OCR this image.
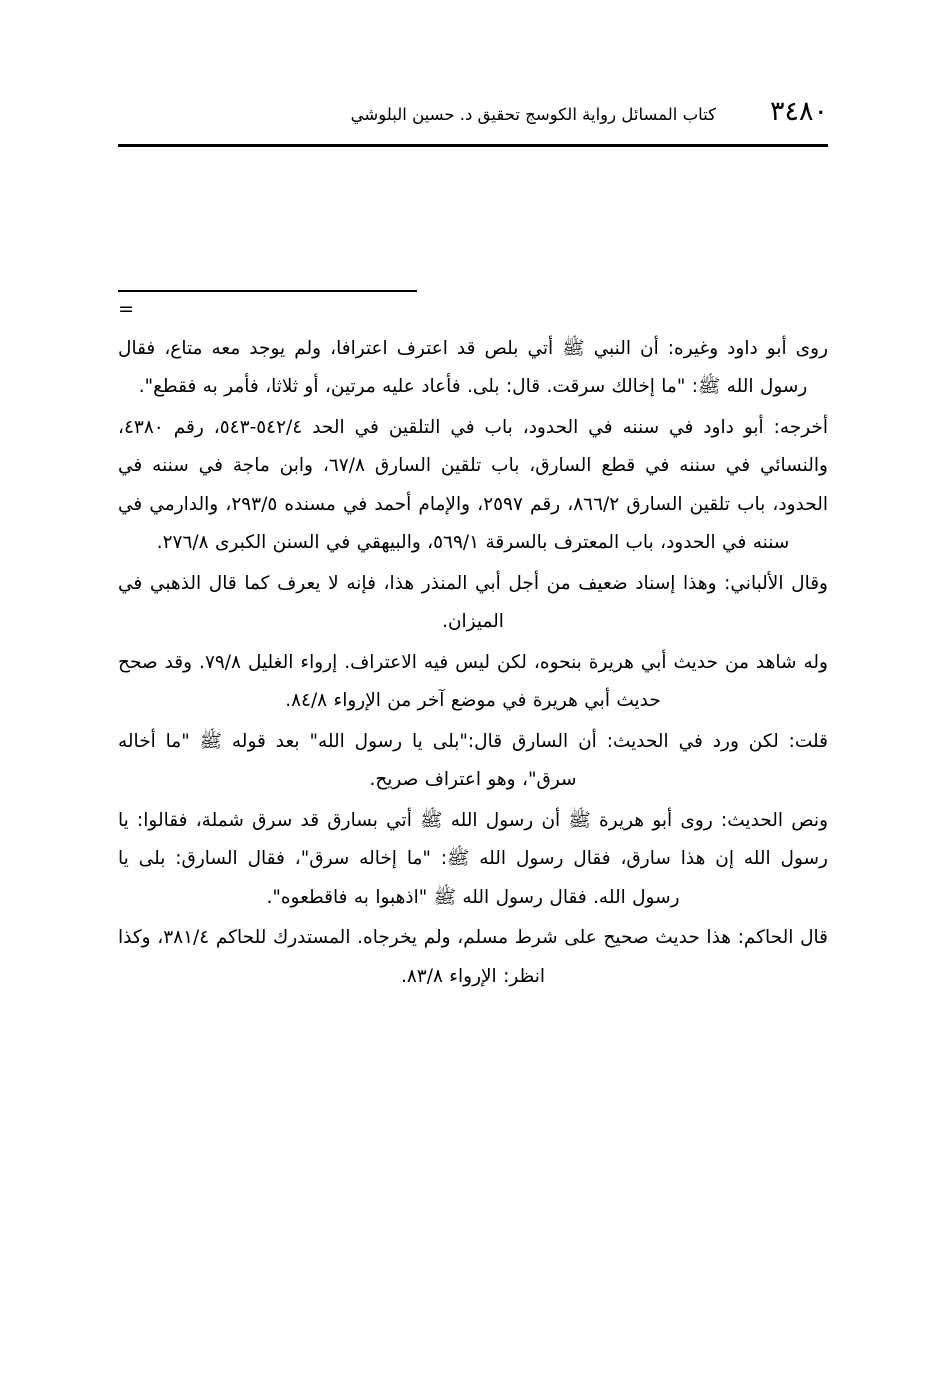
٣٤٨٠
كتاب المسائل رواية الكوسج تحقيق د. حسين البلوشي
=

روى أبو داود وغيره: أن النبي ﷺ أتي بلص قد اعترف اعترافا، ولم يوجد معه متاع، فقال رسول الله ﷺ: "ما إخالك سرقت. قال: بلى. فأعاد عليه مرتين، أو ثلاثا، فأمر به فقطع".

أخرجه: أبو داود في سننه في الحدود، باب في التلقين في الحد ٥٤٢/٤-٥٤٣، رقم ٤٣٨٠، والنسائي في سننه في قطع السارق، باب تلقين السارق ٦٧/٨، وابن ماجة في سننه في الحدود، باب تلقين السارق ٨٦٦/٢، رقم ٢٥٩٧، والإمام أحمد في مسنده ٢٩٣/٥، والدارمي في سننه في الحدود، باب المعترف بالسرقة ٥٦٩/١، والبيهقي في السنن الكبرى ٢٧٦/٨.

وقال الألباني: وهذا إسناد ضعيف من أجل أبي المنذر هذا، فإنه لا يعرف كما قال الذهبي في الميزان.

وله شاهد من حديث أبي هريرة بنحوه، لكن ليس فيه الاعتراف. إرواء الغليل ٧٩/٨. وقد صحح حديث أبي هريرة في موضع آخر من الإرواء ٨٤/٨.

قلت: لكن ورد في الحديث: أن السارق قال:"بلى يا رسول الله" بعد قوله ﷺ "ما أخاله سرق"، وهو اعتراف صريح.

ونص الحديث: روى أبو هريرة ﷺ أن رسول الله ﷺ أتي بسارق قد سرق شملة، فقالوا: يا رسول الله إن هذا سارق، فقال رسول الله ﷺ: "ما إخاله سرق"، فقال السارق: بلى يا رسول الله. فقال رسول الله ﷺ "اذهبوا به فاقطعوه".

قال الحاكم: هذا حديث صحيح على شرط مسلم، ولم يخرجاه. المستدرك للحاكم ٣٨١/٤، وكذا انظر: الإرواء ٨٣/٨.
